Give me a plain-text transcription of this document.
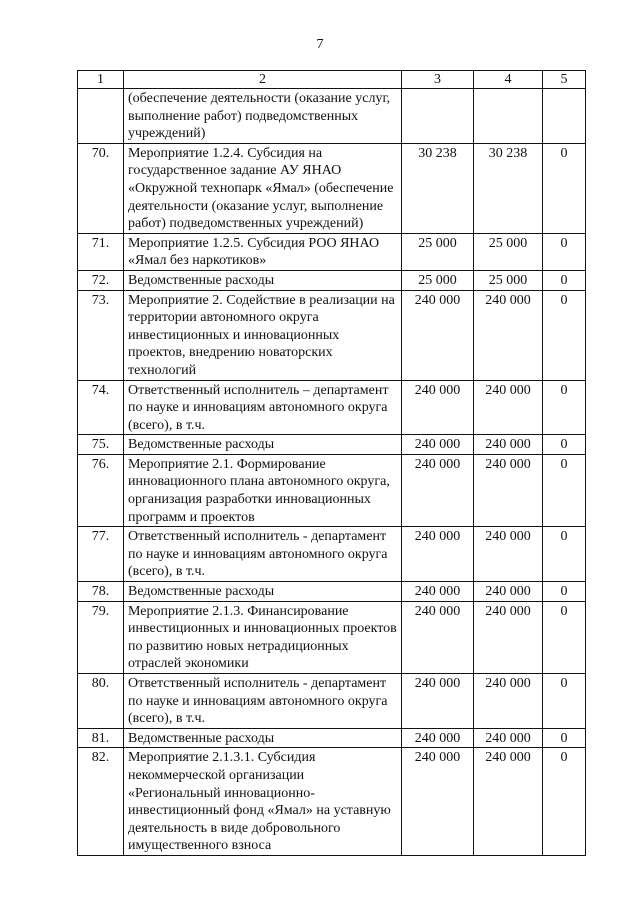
7
1	2	3	4	5
	(обеспечение деятельности (оказание услуг, выполнение работ) подведомственных учреждений)			
70.	Мероприятие 1.2.4. Субсидия на государственное задание АУ ЯНАО «Окружной технопарк «Ямал» (обеспечение деятельности (оказание услуг, выполнение работ) подведомственных учреждений)	30 238	30 238	0
71.	Мероприятие 1.2.5. Субсидия РОО ЯНАО «Ямал без наркотиков»	25 000	25 000	0
72.	Ведомственные расходы	25 000	25 000	0
73.	Мероприятие 2. Содействие в реализации на территории автономного округа инвестиционных и инновационных проектов, внедрению новаторских технологий	240 000	240 000	0
74.	Ответственный исполнитель – департамент по науке и инновациям автономного округа (всего), в т.ч.	240 000	240 000	0
75.	Ведомственные расходы	240 000	240 000	0
76.	Мероприятие 2.1. Формирование инновационного плана автономного округа, организация разработки инновационных программ и проектов	240 000	240 000	0
77.	Ответственный исполнитель - департамент по науке и инновациям автономного округа (всего), в т.ч.	240 000	240 000	0
78.	Ведомственные расходы	240 000	240 000	0
79.	Мероприятие 2.1.3. Финансирование инвестиционных и инновационных проектов по развитию новых нетрадиционных отраслей экономики	240 000	240 000	0
80.	Ответственный исполнитель - департамент по науке и инновациям автономного округа (всего), в т.ч.	240 000	240 000	0
81.	Ведомственные расходы	240 000	240 000	0
82.	Мероприятие 2.1.3.1. Субсидия некоммерческой организации «Региональный инновационно-инвестиционный фонд «Ямал» на уставную деятельность в виде добровольного имущественного взноса	240 000	240 000	0
